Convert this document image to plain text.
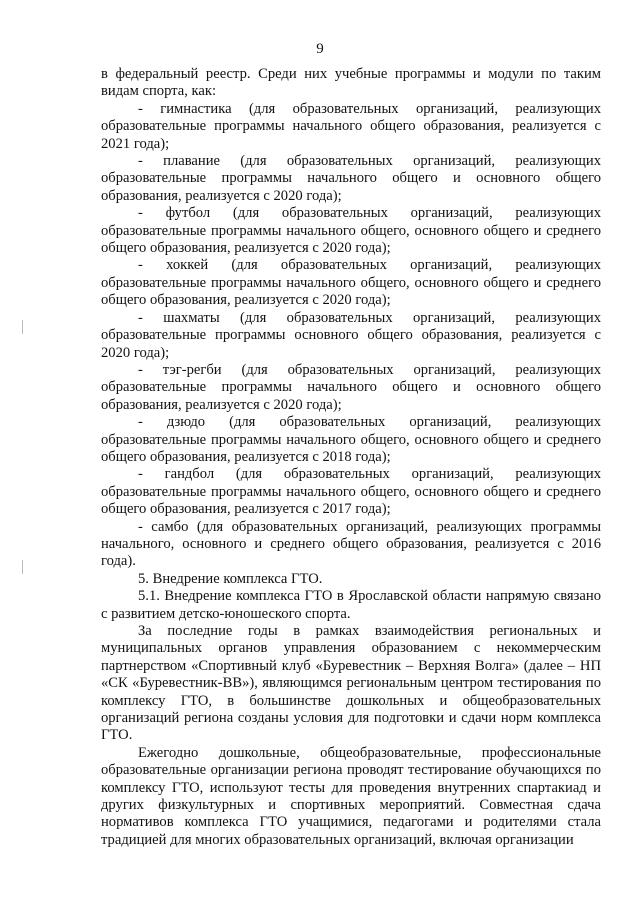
9

в федеральный реестр. Среди них учебные программы и модули по таким видам спорта, как:

- гимнастика (для образовательных организаций, реализующих образовательные программы начального общего образования, реализуется с 2021 года);

- плавание (для образовательных организаций, реализующих образовательные программы начального общего и основного общего образования, реализуется с 2020 года);

- футбол (для образовательных организаций, реализующих образовательные программы начального общего, основного общего и среднего общего образования, реализуется с 2020 года);

- хоккей (для образовательных организаций, реализующих образовательные программы начального общего, основного общего и среднего общего образования, реализуется с 2020 года);

- шахматы (для образовательных организаций, реализующих образовательные программы основного общего образования, реализуется с 2020 года);

- тэг-регби (для образовательных организаций, реализующих образовательные программы начального общего и основного общего образования, реализуется с 2020 года);

- дзюдо (для образовательных организаций, реализующих образовательные программы начального общего, основного общего и среднего общего образования, реализуется с 2018 года);

- гандбол (для образовательных организаций, реализующих образовательные программы начального общего, основного общего и среднего общего образования, реализуется с 2017 года);

- самбо (для образовательных организаций, реализующих программы начального, основного и среднего общего образования, реализуется с 2016 года).

5. Внедрение комплекса ГТО.

5.1. Внедрение комплекса ГТО в Ярославской области напрямую связано с развитием детско-юношеского спорта.

За последние годы в рамках взаимодействия региональных и муниципальных органов управления образованием с некоммерческим партнерством «Спортивный клуб «Буревестник – Верхняя Волга» (далее – НП «СК «Буревестник-ВВ»), являющимся региональным центром тестирования по комплексу ГТО, в большинстве дошкольных и общеобразовательных организаций региона созданы условия для подготовки и сдачи норм комплекса ГТО.

Ежегодно дошкольные, общеобразовательные, профессиональные образовательные организации региона проводят тестирование обучающихся по комплексу ГТО, используют тесты для проведения внутренних спартакиад и других физкультурных и спортивных мероприятий. Совместная сдача нормативов комплекса ГТО учащимися, педагогами и родителями стала традицией для многих образовательных организаций, включая организации
